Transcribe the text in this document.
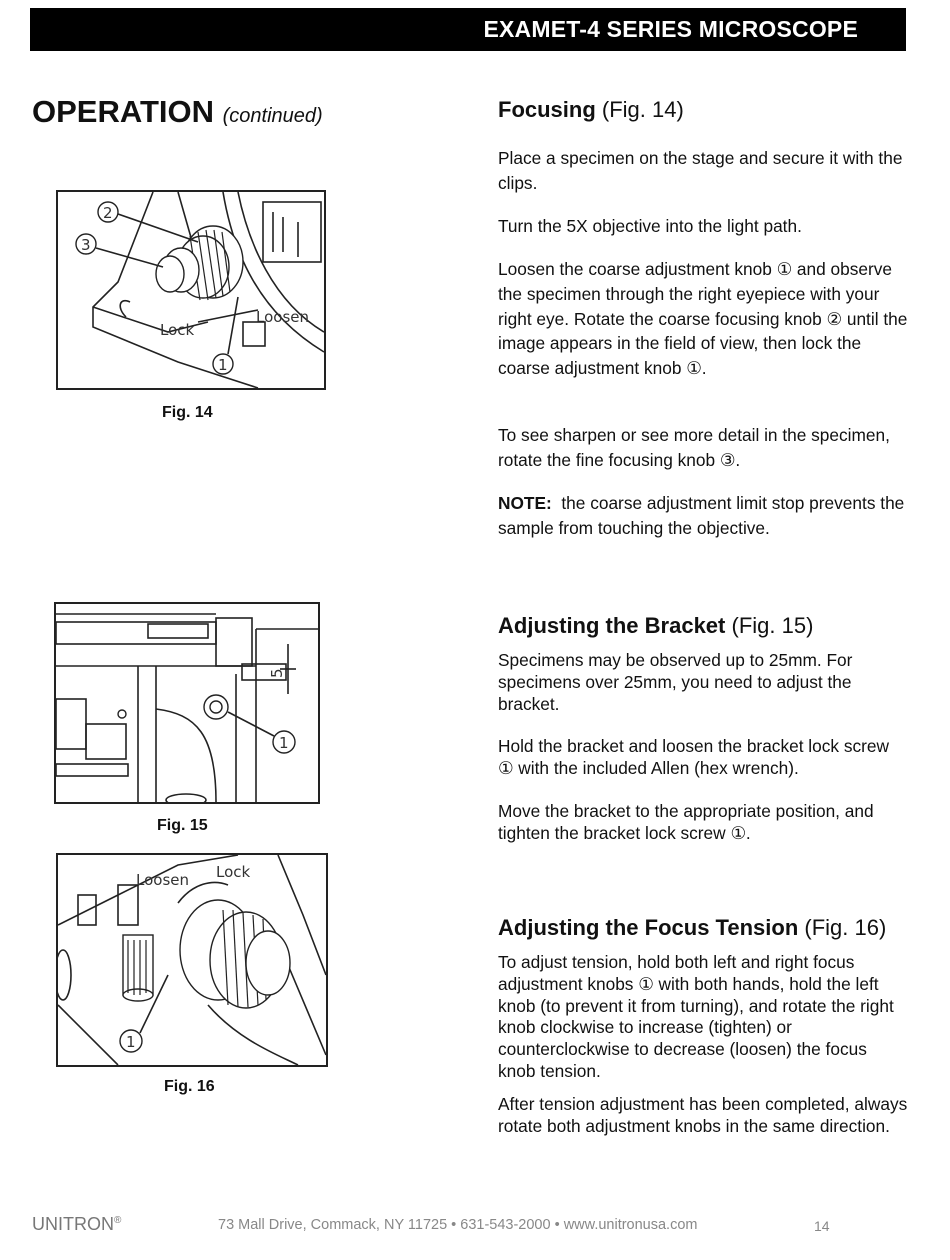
EXAMET-4 SERIES MICROSCOPE
OPERATION (continued)
2
3
1
Lock
Loosen
Fig. 14
5
1
Fig. 15
Loosen Lock
1
Fig. 16
Focusing (Fig. 14)
Place a specimen on the stage and secure it with the clips.
Turn the 5X objective into the light path.
Loosen the coarse adjustment knob ① and observe the specimen through the right eyepiece with your right eye. Rotate the coarse focusing knob ② until the image appears in the field of view, then lock the coarse adjustment knob ①.
To see sharpen or see more detail in the specimen, rotate the fine focusing knob ③.
NOTE: the coarse adjustment limit stop prevents the sample from touching the objective.
Adjusting the Bracket (Fig. 15)
Specimens may be observed up to 25mm. For specimens over 25mm, you need to adjust the bracket.
Hold the bracket and loosen the bracket lock screw ① with the included Allen (hex wrench).
Move the bracket to the appropriate position, and tighten the bracket lock screw ①.
Adjusting the Focus Tension (Fig. 16)
To adjust tension, hold both left and right focus adjustment knobs ① with both hands, hold the left knob (to prevent it from turning), and rotate the right knob clockwise to increase (tighten) or counterclockwise to decrease (loosen) the focus knob tension.
After tension adjustment has been completed, always rotate both adjustment knobs in the same direction.
UNITRON®	73 Mall Drive, Commack, NY 11725 • 631-543-2000 • www.unitronusa.com	14
